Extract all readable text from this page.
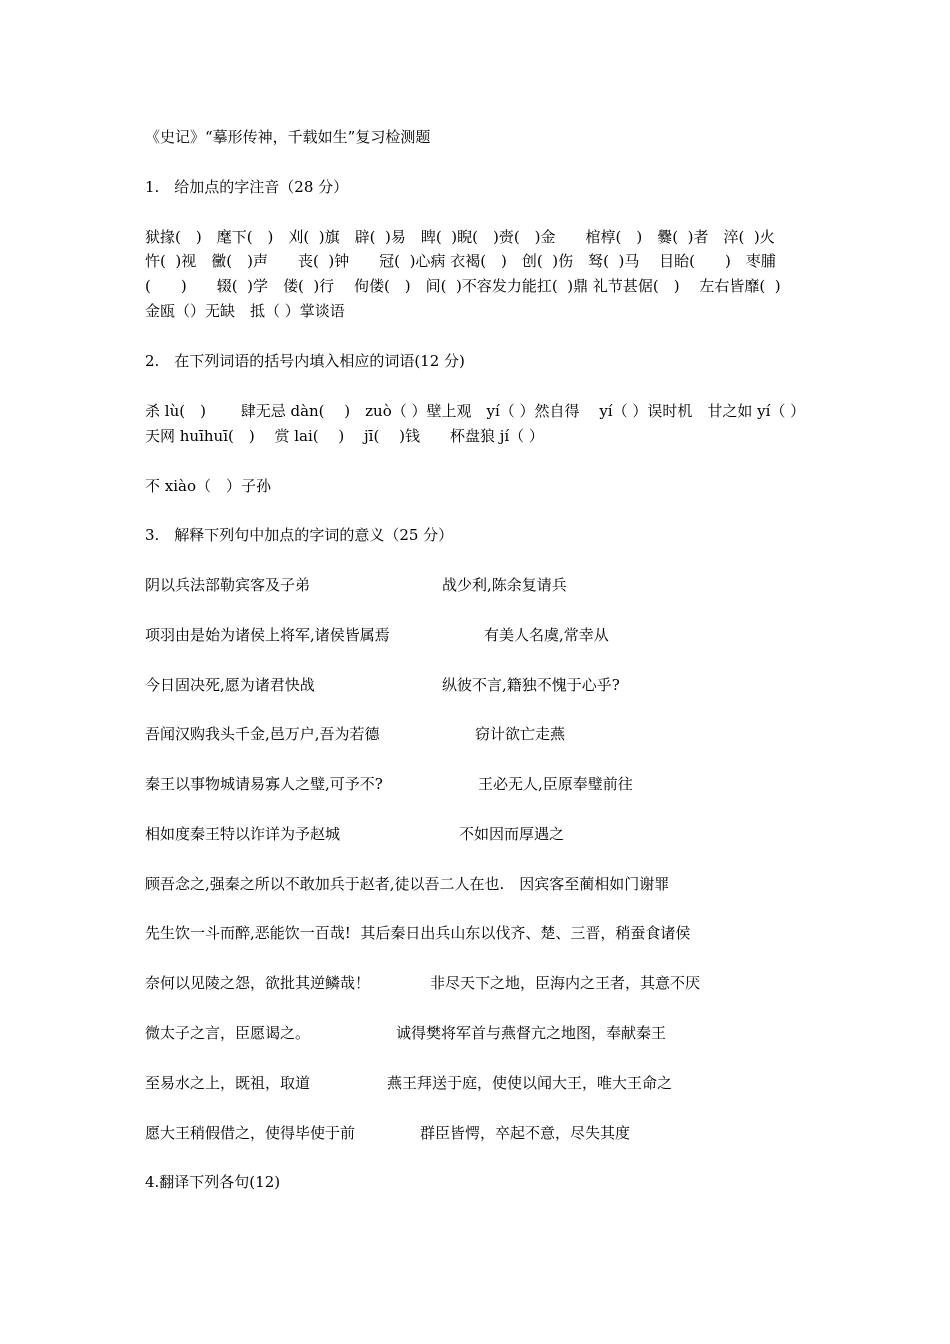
《史记》“摹形传神，千载如生”复习检测题
1.　给加点的字注音（28 分）
狱掾(　)　麾下(　)　刈(  )旗　辟(  )易　睥(  )睨(　)赍(　)金　　棺椁(　)　爨(  )者　淬(  )火
忤(  )视　黴(　)声　　丧(  )钟　　冠(  )心病 衣褐(　)　创(  )伤　驽(  )马　 目眙(　　)　枣脯
(　　)　　辍(  )学　偻(  )行　 佝偻(　)　间(  )不容发力能扛(  )鼎 礼节甚倨(　)　 左右皆靡(  )
金瓯（）无缺　抵（ ）掌谈语
2.　在下列词语的括号内填入相应的词语(12 分)
杀 lù(　)　　 肆无忌 dàn(　 )　zuò（ ）壁上观　yí（ ）然自得　 yí（ ）误时机　甘之如 yí（ ）
天网 huīhuī(　)　 赏 lai(　 )　 jī(　 )钱　　杯盘狼 jí（ ）
不 xiào（　）子孙
3.　解释下列句中加点的字词的意义（25 分）
阴以兵法部勒宾客及子弟	战少利,陈余复请兵
项羽由是始为诸侯上将军,诸侯皆属焉	有美人名虞,常幸从
今日固决死,愿为诸君快战	纵彼不言,籍独不愧于心乎?
吾闻汉购我头千金,邑万户,吾为若德	窃计欲亡走燕
秦王以事物城请易寡人之璧,可予不?	王必无人,臣原奉璧前往
相如度秦王特以诈详为予赵城	不如因而厚遇之
顾吾念之,强秦之所以不敢加兵于赵者,徒以吾二人在也.　因宾客至蔺相如门谢罪
先生饮一斗而醉,恶能饮一百哉!  其后秦日出兵山东以伐齐、楚、三晋，稍蚕食诸侯
奈何以见陵之怨，欲批其逆鳞哉！	非尽天下之地，臣海内之王者，其意不厌
微太子之言，臣愿谒之。	诚得樊将军首与燕督亢之地图，奉献秦王
至易水之上，既祖，取道	燕王拜送于庭，使使以闻大王，唯大王命之
愿大王稍假借之，使得毕使于前	群臣皆愕，卒起不意，尽失其度
4.翻译下列各句(12)
